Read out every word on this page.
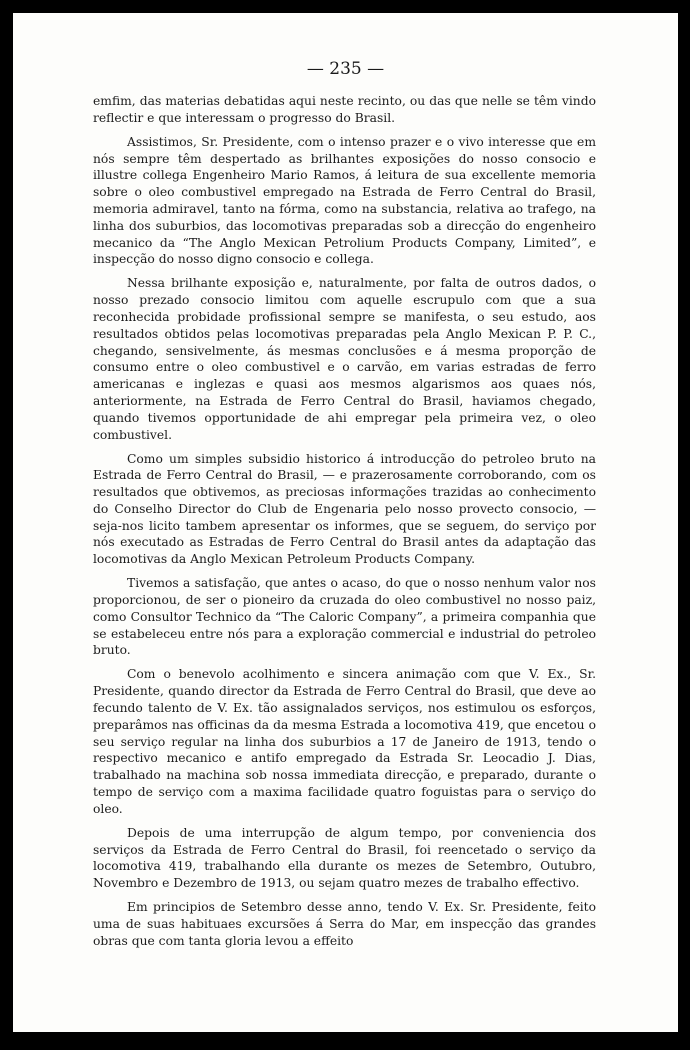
— 235 —

emfim, das materias debatidas aqui neste recinto, ou das que nelle se têm vindo reflectir e que interessam o progresso do Brasil.

Assistimos, Sr. Presidente, com o intenso prazer e o vivo interesse que em nós sempre têm despertado as brilhantes exposições do nosso consocio e illustre collega Engenheiro Mario Ramos, á leitura de sua excellente memoria sobre o oleo combustivel empregado na Estrada de Ferro Central do Brasil, memoria admiravel, tanto na fórma, como na substancia, relativa ao trafego, na linha dos suburbios, das locomotivas preparadas sob a direcção do engenheiro mecanico da “The Anglo Mexican Petrolium Products Company, Limited”, e inspecção do nosso digno consocio e collega.

Nessa brilhante exposição e, naturalmente, por falta de outros dados, o nosso prezado consocio limitou com aquelle escrupulo com que a sua reconhecida probidade profissional sempre se manifesta, o seu estudo, aos resultados obtidos pelas locomotivas preparadas pela Anglo Mexican P. P. C., chegando, sensivelmente, ás mesmas conclusões e á mesma proporção de consumo entre o oleo combustivel e o carvão, em varias estradas de ferro americanas e inglezas e quasi aos mesmos algarismos aos quaes nós, anteriormente, na Estrada de Ferro Central do Brasil, haviamos chegado, quando tivemos opportunidade de ahi empregar pela primeira vez, o oleo combustivel.

Como um simples subsidio historico á introducção do petroleo bruto na Estrada de Ferro Central do Brasil, — e prazerosamente corroborando, com os resultados que obtivemos, as preciosas informações trazidas ao conhecimento do Conselho Director do Club de Engenaria pelo nosso provecto consocio, — seja-nos licito tambem apresentar os informes, que se seguem, do serviço por nós executado as Estradas de Ferro Central do Brasil antes da adaptação das locomotivas da Anglo Mexican Petroleum Products Company.

Tivemos a satisfação, que antes o acaso, do que o nosso nenhum valor nos proporcionou, de ser o pioneiro da cruzada do oleo combustivel no nosso paiz, como Consultor Technico da “The Caloric Company”, a primeira companhia que se estabeleceu entre nós para a exploração commercial e industrial do petroleo bruto.

Com o benevolo acolhimento e sincera animação com que V. Ex., Sr. Presidente, quando director da Estrada de Ferro Central do Brasil, que deve ao fecundo talento de V. Ex. tão assignalados serviços, nos estimulou os esforços, preparâmos nas officinas da da mesma Estrada a locomotiva 419, que encetou o seu serviço regular na linha dos suburbios a 17 de Janeiro de 1913, tendo o respectivo mecanico e antifo empregado da Estrada Sr. Leocadio J. Dias, trabalhado na machina sob nossa immediata direcção, e preparado, durante o tempo de serviço com a maxima facilidade quatro foguistas para o serviço do oleo.

Depois de uma interrupção de algum tempo, por conveniencia dos serviços da Estrada de Ferro Central do Brasil, foi reencetado o serviço da locomotiva 419, trabalhando ella durante os mezes de Setembro, Outubro, Novembro e Dezembro de 1913, ou sejam quatro mezes de trabalho effectivo.

Em principios de Setembro desse anno, tendo V. Ex. Sr. Presidente, feito uma de suas habituaes excursões á Serra do Mar, em inspecção das grandes obras que com tanta gloria levou a effeito
